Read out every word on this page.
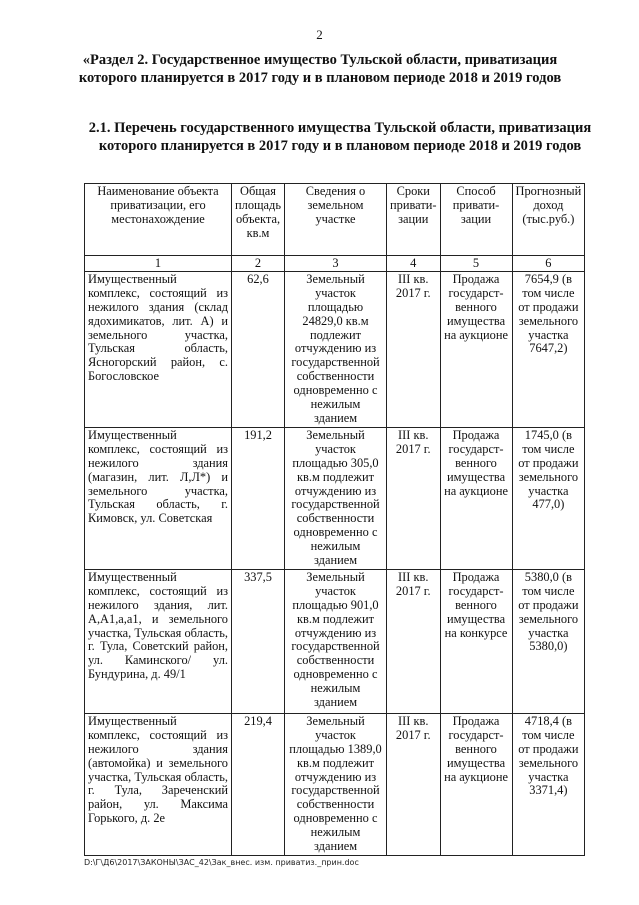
2
«Раздел 2. Государственное имущество Тульской области, приватизация которого планируется в 2017 году и в плановом периоде 2018 и 2019 годов
2.1. Перечень государственного имущества Тульской области, приватизация которого планируется в 2017 году и в плановом периоде 2018 и 2019 годов
Наименование объекта приватизации, его местонахождение	Общая площадь объекта, кв.м	Сведения о земельном участке	Сроки привати-зации	Способ привати-зации	Прогнозный доход (тыс.руб.)
1	2	3	4	5	6
Имущественный комплекс, состоящий из нежилого здания (склад ядохимикатов, лит. А) и земельного участка, Тульская область, Ясногорский район, с. Богословское	62,6	Земельный участок площадью 24829,0 кв.м подлежит отчуждению из государственной собственности одновременно с нежилым зданием	III кв. 2017 г.	Продажа государст-венного имущества на аукционе	7654,9 (в том числе от продажи земельного участка 7647,2)
Имущественный комплекс, состоящий из нежилого здания (магазин, лит. Л,Л*) и земельного участка, Тульская область, г. Кимовск, ул. Советская	191,2	Земельный участок площадью 305,0 кв.м подлежит отчуждению из государственной собственности одновременно с нежилым зданием	III кв. 2017 г.	Продажа государст-венного имущества на аукционе	1745,0 (в том числе от продажи земельного участка 477,0)
Имущественный комплекс, состоящий из нежилого здания, лит. А,А1,а,а1, и земельного участка, Тульская область, г. Тула, Советский район, ул. Каминского/ ул. Бундурина, д. 49/1	337,5	Земельный участок площадью 901,0 кв.м подлежит отчуждению из государственной собственности одновременно с нежилым зданием	III кв. 2017 г.	Продажа государст-венного имущества на конкурсе	5380,0 (в том числе от продажи земельного участка 5380,0)
Имущественный комплекс, состоящий из нежилого здания (автомойка) и земельного участка, Тульская область, г. Тула, Зареченский район, ул. Максима Горького, д. 2е	219,4	Земельный участок площадью 1389,0 кв.м подлежит отчуждению из государственной собственности одновременно с нежилым зданием	III кв. 2017 г.	Продажа государст-венного имущества на аукционе	4718,4 (в том числе от продажи земельного участка 3371,4)
D:\Г\Д6\2017\ЗАКОНЫ\ЗАС_42\Зак_внес. изм. приватиз._прин.doc
